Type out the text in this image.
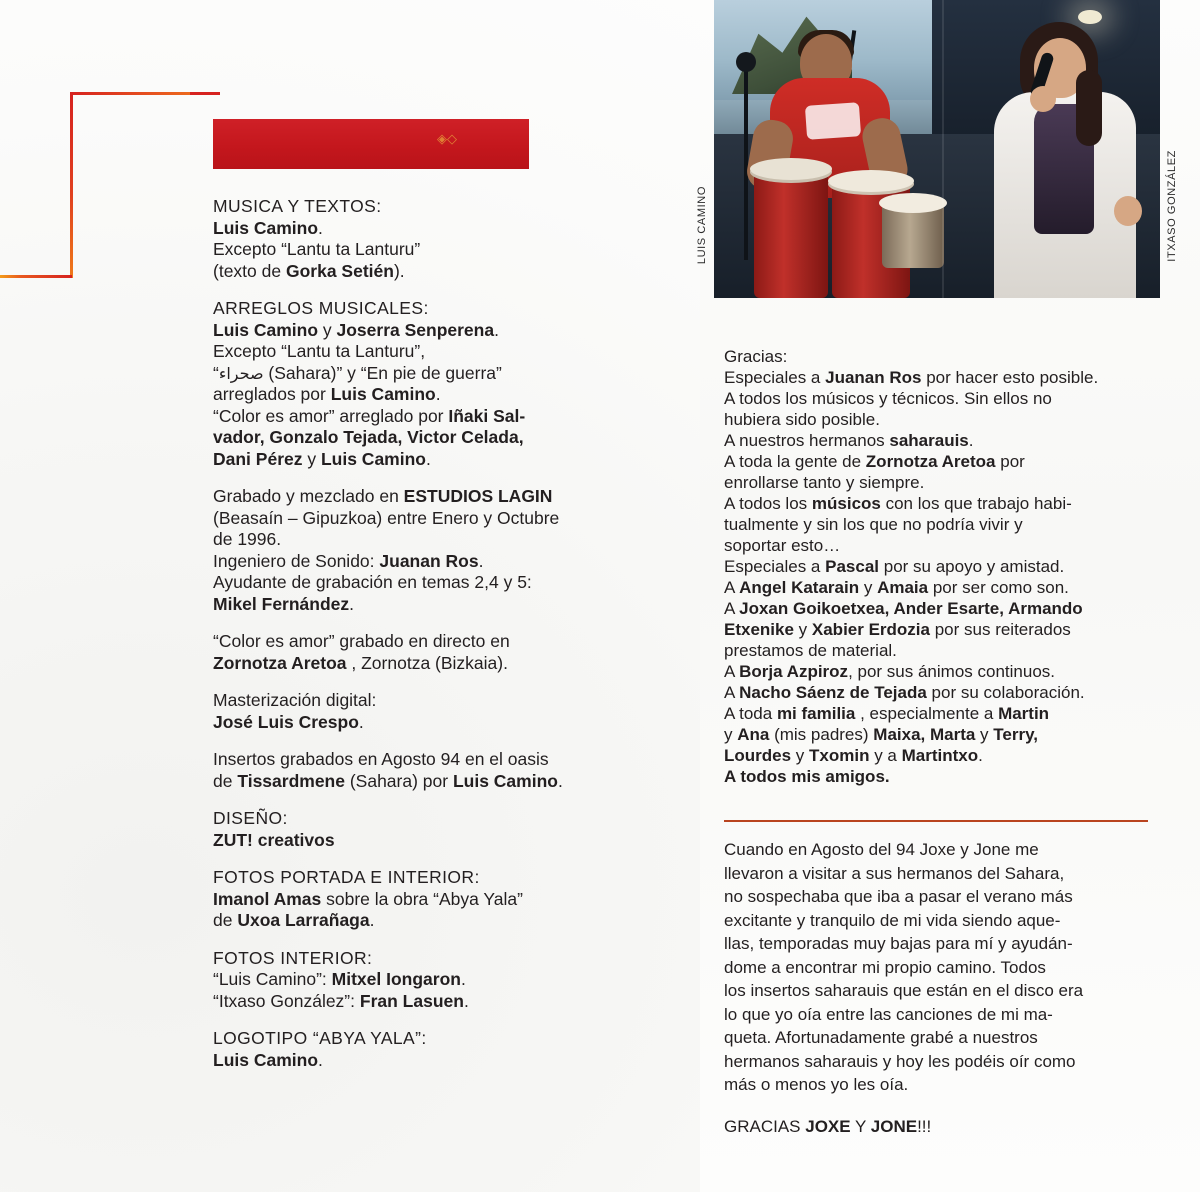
◈◇
LUIS CAMINO	ITXASO GONZÁLEZ
MUSICA Y TEXTOS:
Luis Camino.
Excepto “Lantu ta Lanturu”
(texto de Gorka Setién).
ARREGLOS MUSICALES:
Luis Camino y Joserra Senperena.
Excepto “Lantu ta Lanturu”,
“صحراء (Sahara)” y “En pie de guerra”
arreglados por Luis Camino.
“Color es amor” arreglado por Iñaki Sal-
vador, Gonzalo Tejada, Victor Celada,
Dani Pérez y Luis Camino.
Grabado y mezclado en ESTUDIOS LAGIN
(Beasaín – Gipuzkoa) entre Enero y Octubre
de 1996.
Ingeniero de Sonido: Juanan Ros.
Ayudante de grabación en temas 2,4 y 5:
Mikel Fernández.
“Color es amor” grabado en directo en
Zornotza Aretoa , Zornotza (Bizkaia).
Masterización digital:
José Luis Crespo.
Insertos grabados en Agosto 94 en el oasis
de Tissardmene (Sahara) por Luis Camino.
DISEÑO:
ZUT! creativos
FOTOS PORTADA E INTERIOR:
Imanol Amas sobre la obra “Abya Yala”
de Uxoa Larrañaga.
FOTOS INTERIOR:
“Luis Camino”: Mitxel Iongaron.
“Itxaso González”: Fran Lasuen.
LOGOTIPO “ABYA YALA”:
Luis Camino.
Gracias:
Especiales a Juanan Ros por hacer esto posible.
A todos los músicos y técnicos. Sin ellos no
hubiera sido posible.
A nuestros hermanos saharauis.
A toda la gente de Zornotza Aretoa por
enrollarse tanto y siempre.
A todos los músicos con los que trabajo habi-
tualmente y sin los que no podría vivir y
soportar esto…
Especiales a Pascal por su apoyo y amistad.
A Angel Katarain y Amaia por ser como son.
A Joxan Goikoetxea, Ander Esarte, Armando
Etxenike y Xabier Erdozia por sus reiterados
prestamos de material.
A Borja Azpiroz, por sus ánimos continuos.
A Nacho Sáenz de Tejada por su colaboración.
A toda mi familia , especialmente a Martin
y Ana (mis padres) Maixa, Marta y Terry,
Lourdes y Txomin y a Martintxo.
A todos mis amigos.
Cuando en Agosto del 94 Joxe y Jone me
llevaron a visitar a sus hermanos del Sahara,
no sospechaba que iba a pasar el verano más
excitante y tranquilo de mi vida siendo aque-
llas, temporadas muy bajas para mí y ayudán-
dome a encontrar mi propio camino. Todos
los insertos saharauis que están en el disco era
lo que yo oía entre las canciones de mi ma-
queta. Afortunadamente grabé a nuestros
hermanos saharauis y hoy les podéis oír como
más o menos yo les oía.
GRACIAS JOXE Y JONE!!!
